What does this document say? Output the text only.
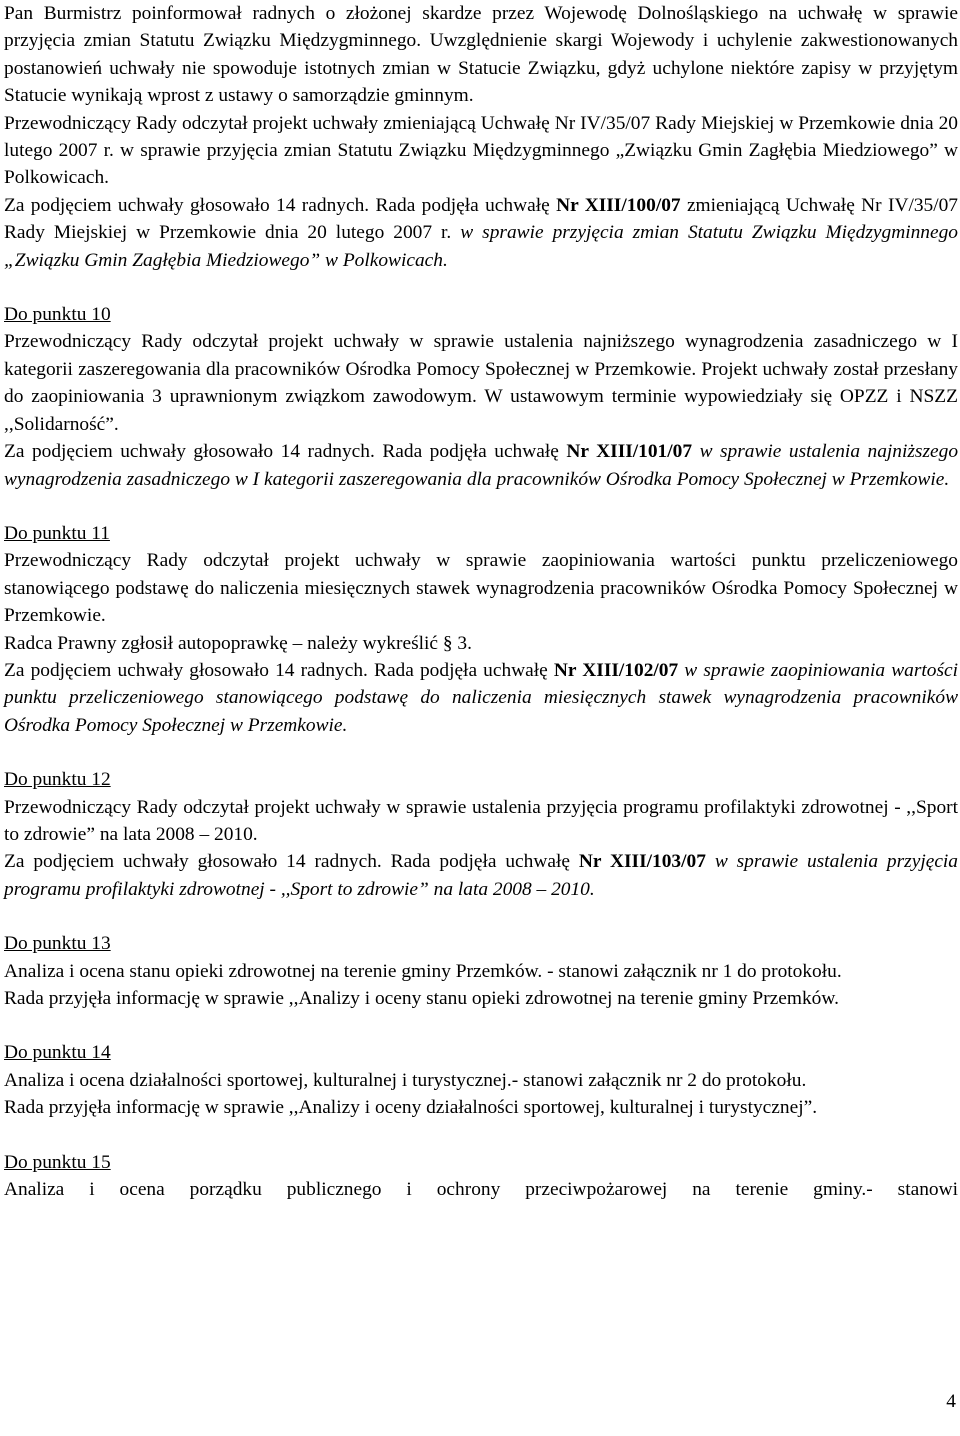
Pan Burmistrz poinformował radnych o złożonej skardze przez Wojewodę Dolnośląskiego na uchwałę w sprawie przyjęcia zmian Statutu Związku Międzygminnego. Uwzględnienie skargi Wojewody i uchylenie zakwestionowanych postanowień uchwały nie spowoduje istotnych zmian w Statucie Związku, gdyż uchylone niektóre zapisy w przyjętym Statucie wynikają wprost z ustawy o samorządzie gminnym.

Przewodniczący Rady odczytał projekt uchwały zmieniającą Uchwałę Nr IV/35/07 Rady Miejskiej w Przemkowie dnia 20 lutego 2007 r. w sprawie przyjęcia zmian Statutu Związku Międzygminnego „Związku Gmin Zagłębia Miedziowego” w Polkowicach.

Za podjęciem uchwały głosowało 14 radnych. Rada podjęła uchwałę Nr XIII/100/07 zmieniającą Uchwałę Nr IV/35/07 Rady Miejskiej w Przemkowie dnia 20 lutego 2007 r. w sprawie przyjęcia zmian Statutu Związku Międzygminnego „Związku Gmin Zagłębia Miedziowego” w Polkowicach.

Do punktu 10

Przewodniczący Rady odczytał projekt uchwały w sprawie ustalenia najniższego wynagrodzenia zasadniczego w I kategorii zaszeregowania dla pracowników Ośrodka Pomocy Społecznej w Przemkowie. Projekt uchwały został przesłany do zaopiniowania 3 uprawnionym związkom zawodowym. W ustawowym terminie wypowiedziały się OPZZ i NSZZ ,,Solidarność”.

Za podjęciem uchwały głosowało 14 radnych. Rada podjęła uchwałę Nr XIII/101/07 w sprawie ustalenia najniższego wynagrodzenia zasadniczego w I kategorii zaszeregowania dla pracowników Ośrodka Pomocy Społecznej w Przemkowie.

Do punktu 11

Przewodniczący Rady odczytał projekt uchwały w sprawie zaopiniowania wartości punktu przeliczeniowego stanowiącego podstawę do naliczenia miesięcznych stawek wynagrodzenia pracowników Ośrodka Pomocy Społecznej w Przemkowie.

Radca Prawny zgłosił autopoprawkę – należy wykreślić § 3.

Za podjęciem uchwały głosowało 14 radnych. Rada podjęła uchwałę Nr XIII/102/07 w sprawie zaopiniowania wartości punktu przeliczeniowego stanowiącego podstawę do naliczenia miesięcznych stawek wynagrodzenia pracowników Ośrodka Pomocy Społecznej w Przemkowie.

Do punktu 12

Przewodniczący Rady odczytał projekt uchwały w sprawie ustalenia przyjęcia programu profilaktyki zdrowotnej - ,,Sport to zdrowie” na lata 2008 – 2010.

Za podjęciem uchwały głosowało 14 radnych. Rada podjęła uchwałę Nr XIII/103/07 w sprawie ustalenia przyjęcia programu profilaktyki zdrowotnej - ,,Sport to zdrowie” na lata 2008 – 2010.

Do punktu 13

Analiza i ocena stanu opieki zdrowotnej na terenie gminy Przemków. - stanowi załącznik nr 1 do protokołu.

Rada przyjęła informację w sprawie ,,Analizy i oceny stanu opieki zdrowotnej na terenie gminy Przemków.

Do punktu 14

Analiza i ocena działalności sportowej, kulturalnej i turystycznej.- stanowi załącznik nr 2 do protokołu.

Rada przyjęła informację w sprawie ,,Analizy i oceny działalności sportowej, kulturalnej i turystycznej”.

Do punktu 15

Analiza i ocena porządku publicznego i ochrony przeciwpożarowej na terenie gminy.- stanowi

4
